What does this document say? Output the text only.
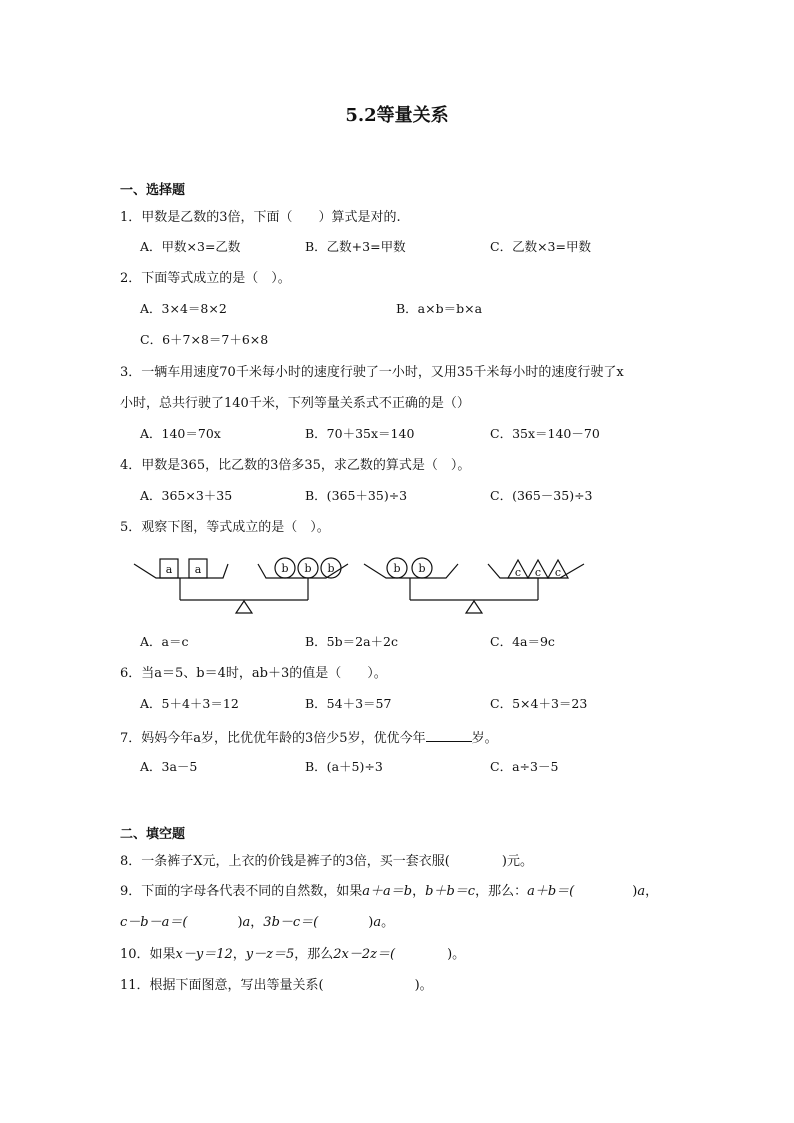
5.2等量关系
一、选择题
1．甲数是乙数的3倍，下面（　　）算式是对的.
A．甲数×3=乙数	B．乙数+3=甲数	C．乙数×3=甲数
2．下面等式成立的是（　）。
A．3×4＝8×2	B．a×b＝b×a
C．6＋7×8＝7＋6×8
3．一辆车用速度70千米每小时的速度行驶了一小时，又用35千米每小时的速度行驶了x
小时，总共行驶了140千米，下列等量关系式不正确的是（）
A．140＝70x	B．70＋35x＝140	C．35x＝140－70
4．甲数是365，比乙数的3倍多35，求乙数的算式是（　）。
A．365×3＋35	B．(365＋35)÷3	C．(365－35)÷3
5．观察下图，等式成立的是（　）。
a a	b b b	b b	c c c
A．a＝c	B．5b＝2a＋2c	C．4a＝9c
6．当a＝5、b＝4时，ab＋3的值是（　　）。
A．5＋4＋3＝12	B．54＋3＝57	C．5×4＋3＝23
7．妈妈今年a岁，比优优年龄的3倍少5岁，优优今年	岁。
A．3a－5	B．(a＋5)÷3	C．a÷3－5
二、填空题
8．一条裤子X元，上衣的价钱是裤子的3倍，买一套衣服(　　　　)元。
9．下面的字母各代表不同的自然数，如果a＋a＝b，b＋b＝c，那么：a＋b＝(	)a，
c－b－a＝(	)a，3b－c＝(	)a。
10．如果x－y＝12，y－z＝5，那么2x－2z＝(	)。
11．根据下面图意，写出等量关系(　　　　　　　)。
